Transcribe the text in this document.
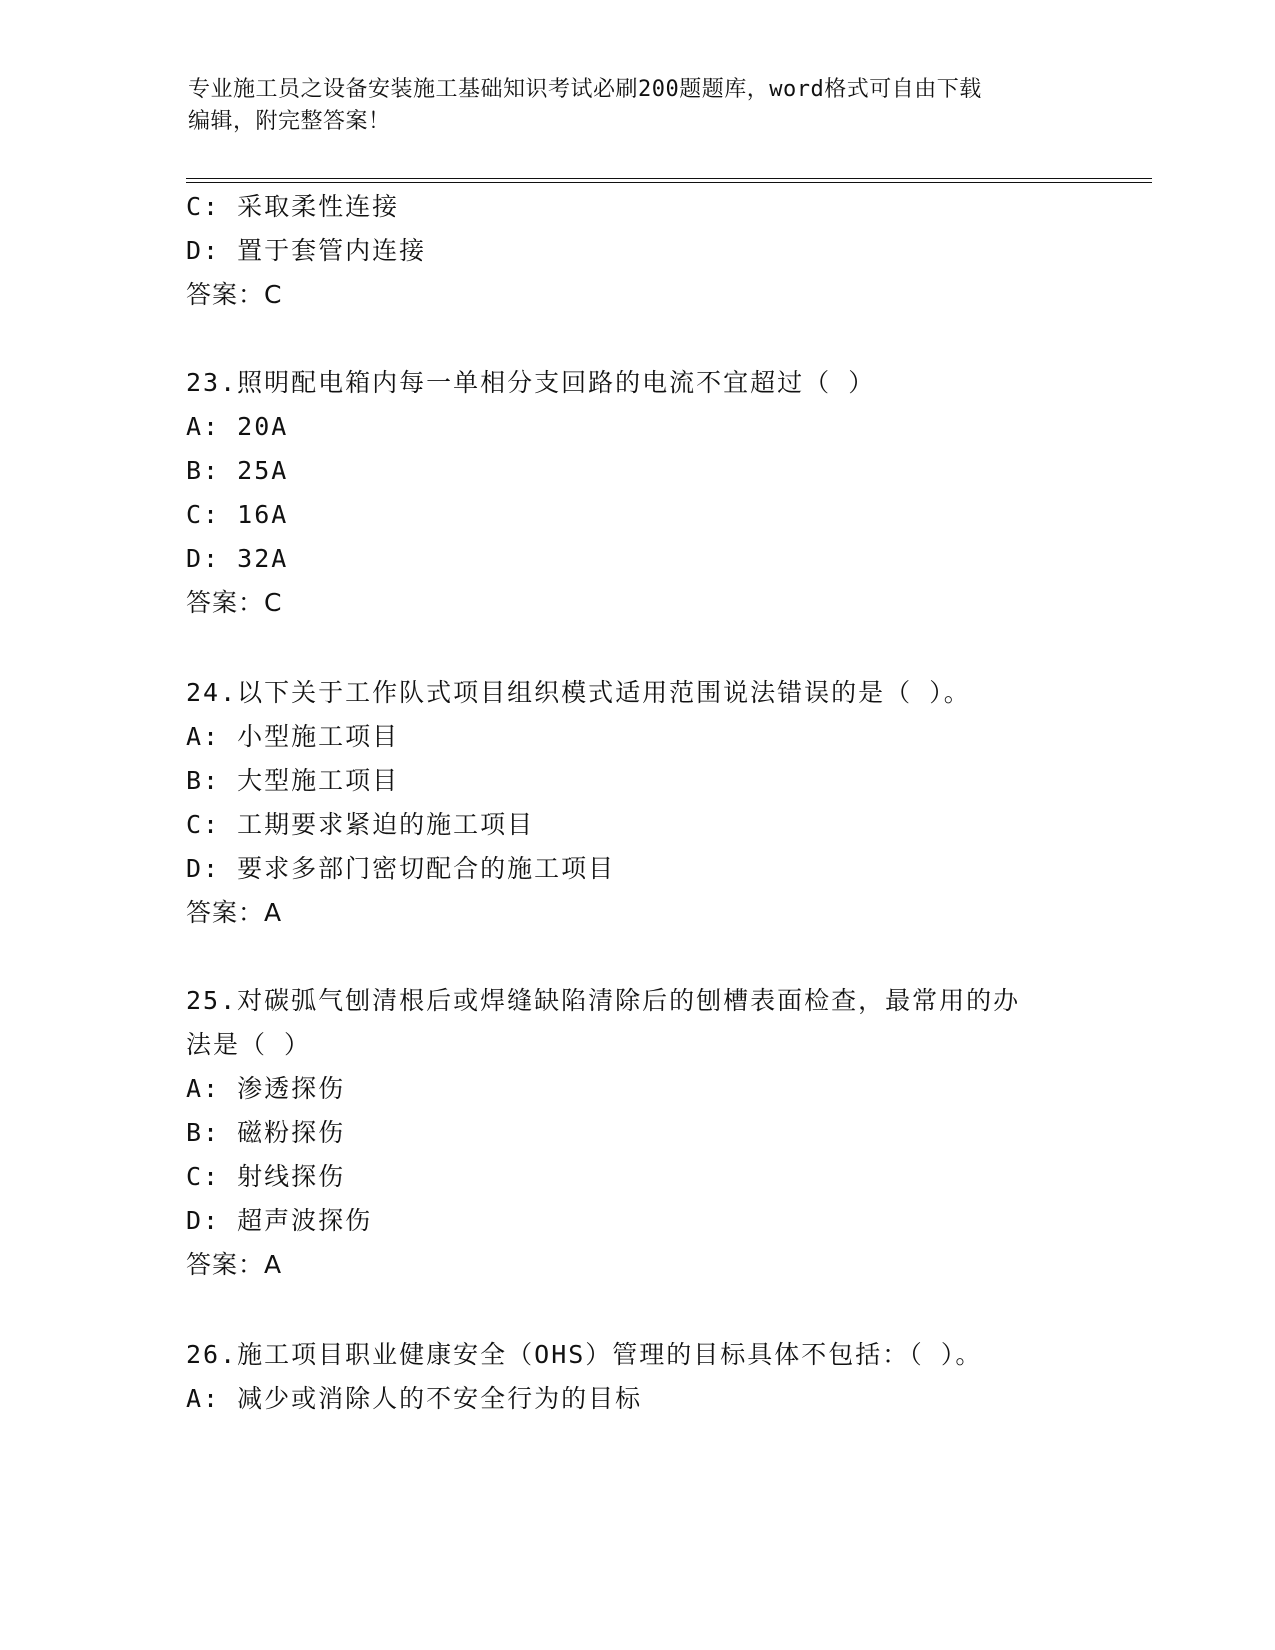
专业施工员之设备安装施工基础知识考试必刷200题题库，word格式可自由下载
编辑，附完整答案！
C: 采取柔性连接
D: 置于套管内连接
答案：C
23.照明配电箱内每一单相分支回路的电流不宜超过（ ）
A: 20A
B: 25A
C: 16A
D: 32A
答案：C
24.以下关于工作队式项目组织模式适用范围说法错误的是（ ）。
A: 小型施工项目
B: 大型施工项目
C: 工期要求紧迫的施工项目
D: 要求多部门密切配合的施工项目
答案：A
25.对碳弧气刨清根后或焊缝缺陷清除后的刨槽表面检查，最常用的办
法是（ ）
A: 渗透探伤
B: 磁粉探伤
C: 射线探伤
D: 超声波探伤
答案：A
26.施工项目职业健康安全（OHS）管理的目标具体不包括：（ ）。
A: 减少或消除人的不安全行为的目标
